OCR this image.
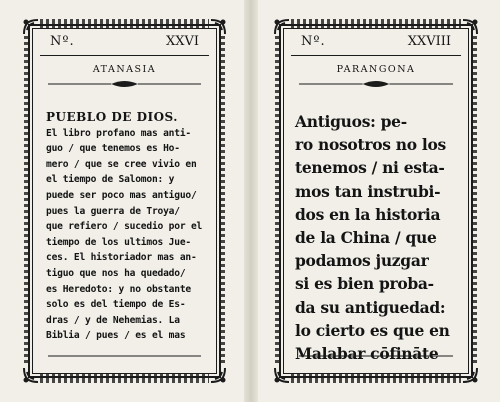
Nº.	XXVI
ATANASIA
PUEBLO DE DIOS.
El libro profano mas anti-
guo / que tenemos es Ho-
mero / que se cree vivio en
el tiempo de Salomon: y
puede ser poco mas antiguo/
pues la guerra de Troya/
que refiero / sucedio por el
tiempo de los ultimos Jue-
ces. El historiador mas an-
tiguo que nos ha quedado/
es Heredoto: y no obstante
solo es del tiempo de Es-
dras / y de Nehemias. La
Biblia / pues / es el mas
Nº.	XXVIII
PARANGONA
Antiguos: pe-
ro nosotros no los
tenemos / ni esta-
mos tan instrubi-
dos en la historia
de la China / que
podamos juzgar
si es bien proba-
da su antiguedad:
lo cierto es que en
Malabar cōfināte
